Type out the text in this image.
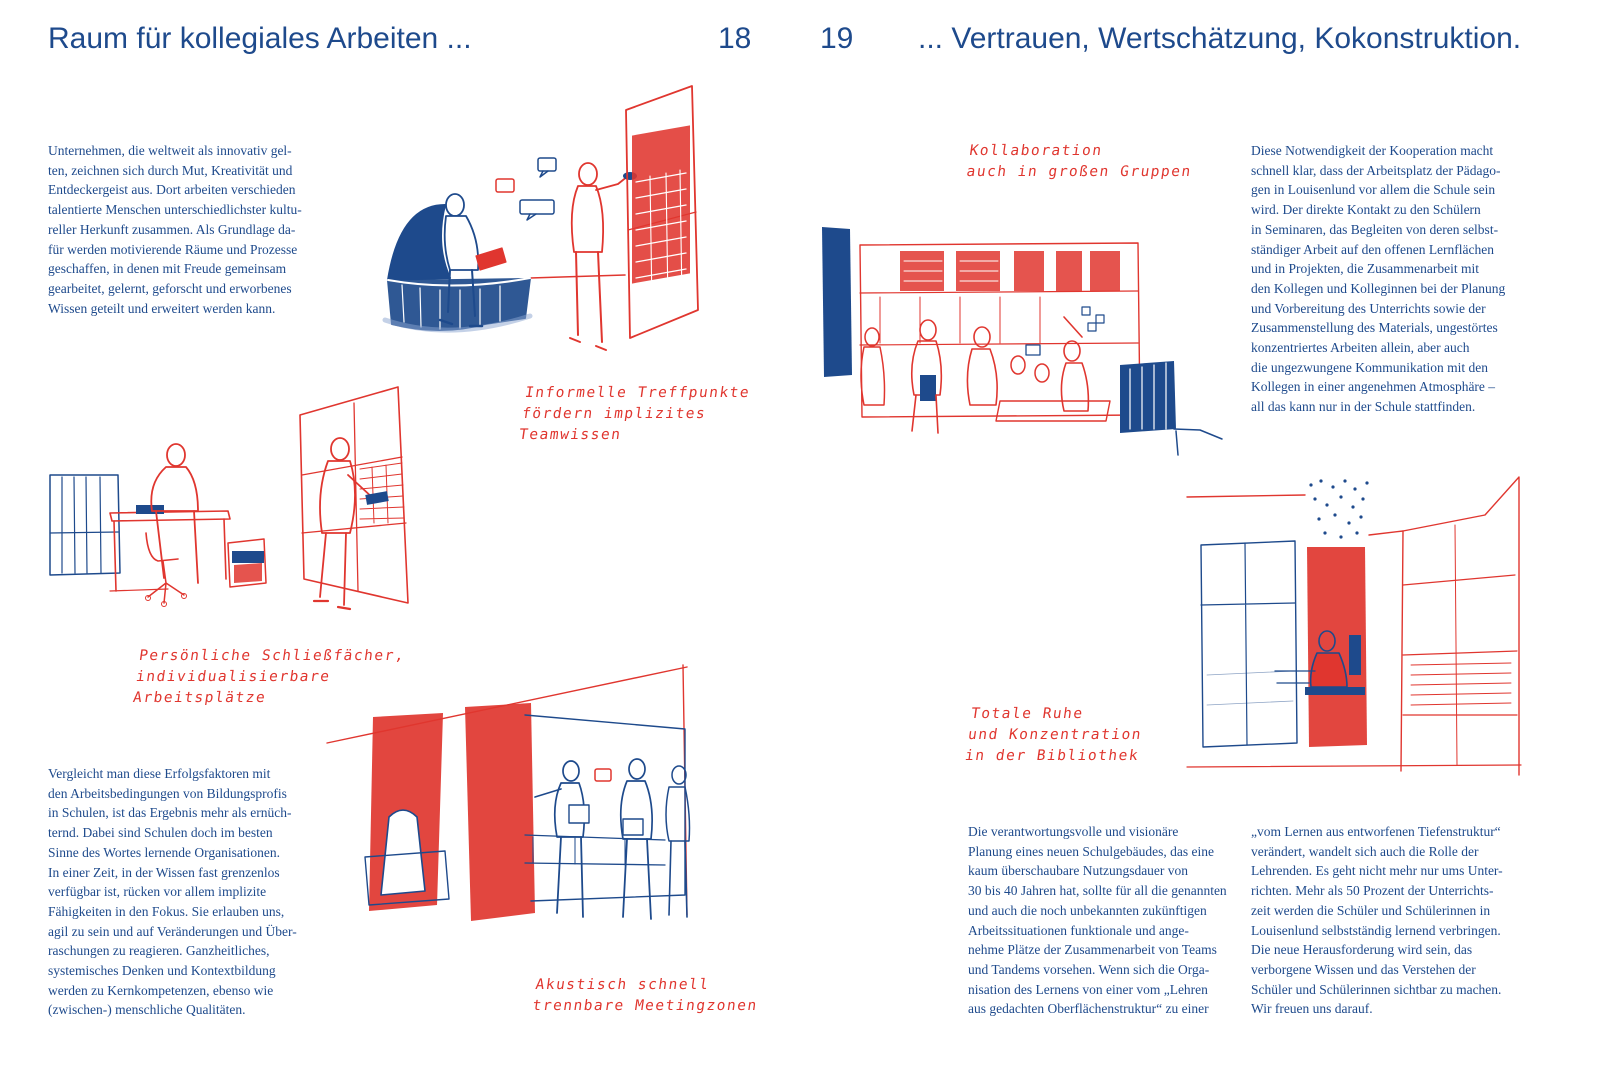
Raum für kollegiales Arbeiten ...	18 19 ... Vertrauen, Wertschätzung, Kokonstruktion.
Unternehmen, die weltweit als innovativ gel-
ten, zeichnen sich durch Mut, Kreativität und
Entdeckergeist aus. Dort arbeiten verschieden
talentierte Menschen unterschiedlichster kultu-
reller Herkunft zusammen. Als Grundlage da-
für werden motivierende Räume und Prozesse
geschaffen, in denen mit Freude gemeinsam
gearbeitet, gelernt, geforscht und erworbenes
Wissen geteilt und erweitert werden kann.
Vergleicht man diese Erfolgsfaktoren mit
den Arbeitsbedingungen von Bildungsprofis
in Schulen, ist das Ergebnis mehr als ernüch-
ternd. Dabei sind Schulen doch im besten
Sinne des Wortes lernende Organisationen.
In einer Zeit, in der Wissen fast grenzenlos
verfügbar ist, rücken vor allem implizite
Fähigkeiten in den Fokus. Sie erlauben uns,
agil zu sein und auf Veränderungen und Über-
raschungen zu reagieren. Ganzheitliches,
systemisches Denken und Kontextbildung
werden zu Kernkompetenzen, ebenso wie
(zwischen-) menschliche Qualitäten.
Informelle Treffpunkte
fördern implizites
Teamwissen
Persönliche Schließfächer,
individualisierbare
Arbeitsplätze
Akustisch schnell
trennbare Meetingzonen
Diese Notwendigkeit der Kooperation macht
schnell klar, dass der Arbeitsplatz der Pädago-
gen in Louisenlund vor allem die Schule sein
wird. Der direkte Kontakt zu den Schülern
in Seminaren, das Begleiten von deren selbst-
ständiger Arbeit auf den offenen Lernflächen
und in Projekten, die Zusammenarbeit mit
den Kollegen und Kolleginnen bei der Planung
und Vorbereitung des Unterrichts sowie der
Zusammenstellung des Materials, ungestörtes
konzentriertes Arbeiten allein, aber auch
die ungezwungene Kommunikation mit den
Kollegen in einer angenehmen Atmosphäre –
all das kann nur in der Schule stattfinden.
Die verantwortungsvolle und visionäre
Planung eines neuen Schulgebäudes, das eine
kaum überschaubare Nutzungsdauer von
30 bis 40 Jahren hat, sollte für all die genannten
und auch die noch unbekannten zukünftigen
Arbeitssituationen funktionale und ange-
nehme Plätze der Zusammenarbeit von Teams
und Tandems vorsehen. Wenn sich die Orga-
nisation des Lernens von einer vom „Lehren
aus gedachten Oberflächenstruktur“ zu einer
„vom Lernen aus entworfenen Tiefenstruktur“
verändert, wandelt sich auch die Rolle der
Lehrenden. Es geht nicht mehr nur ums Unter-
richten. Mehr als 50 Prozent der Unterrichts-
zeit werden die Schüler und Schülerinnen in
Louisenlund selbstständig lernend verbringen.
Die neue Herausforderung wird sein, das
verborgene Wissen und das Verstehen der
Schüler und Schülerinnen sichtbar zu machen.
Wir freuen uns darauf.
Kollaboration
auch in großen Gruppen
Totale Ruhe
und Konzentration
in der Bibliothek
